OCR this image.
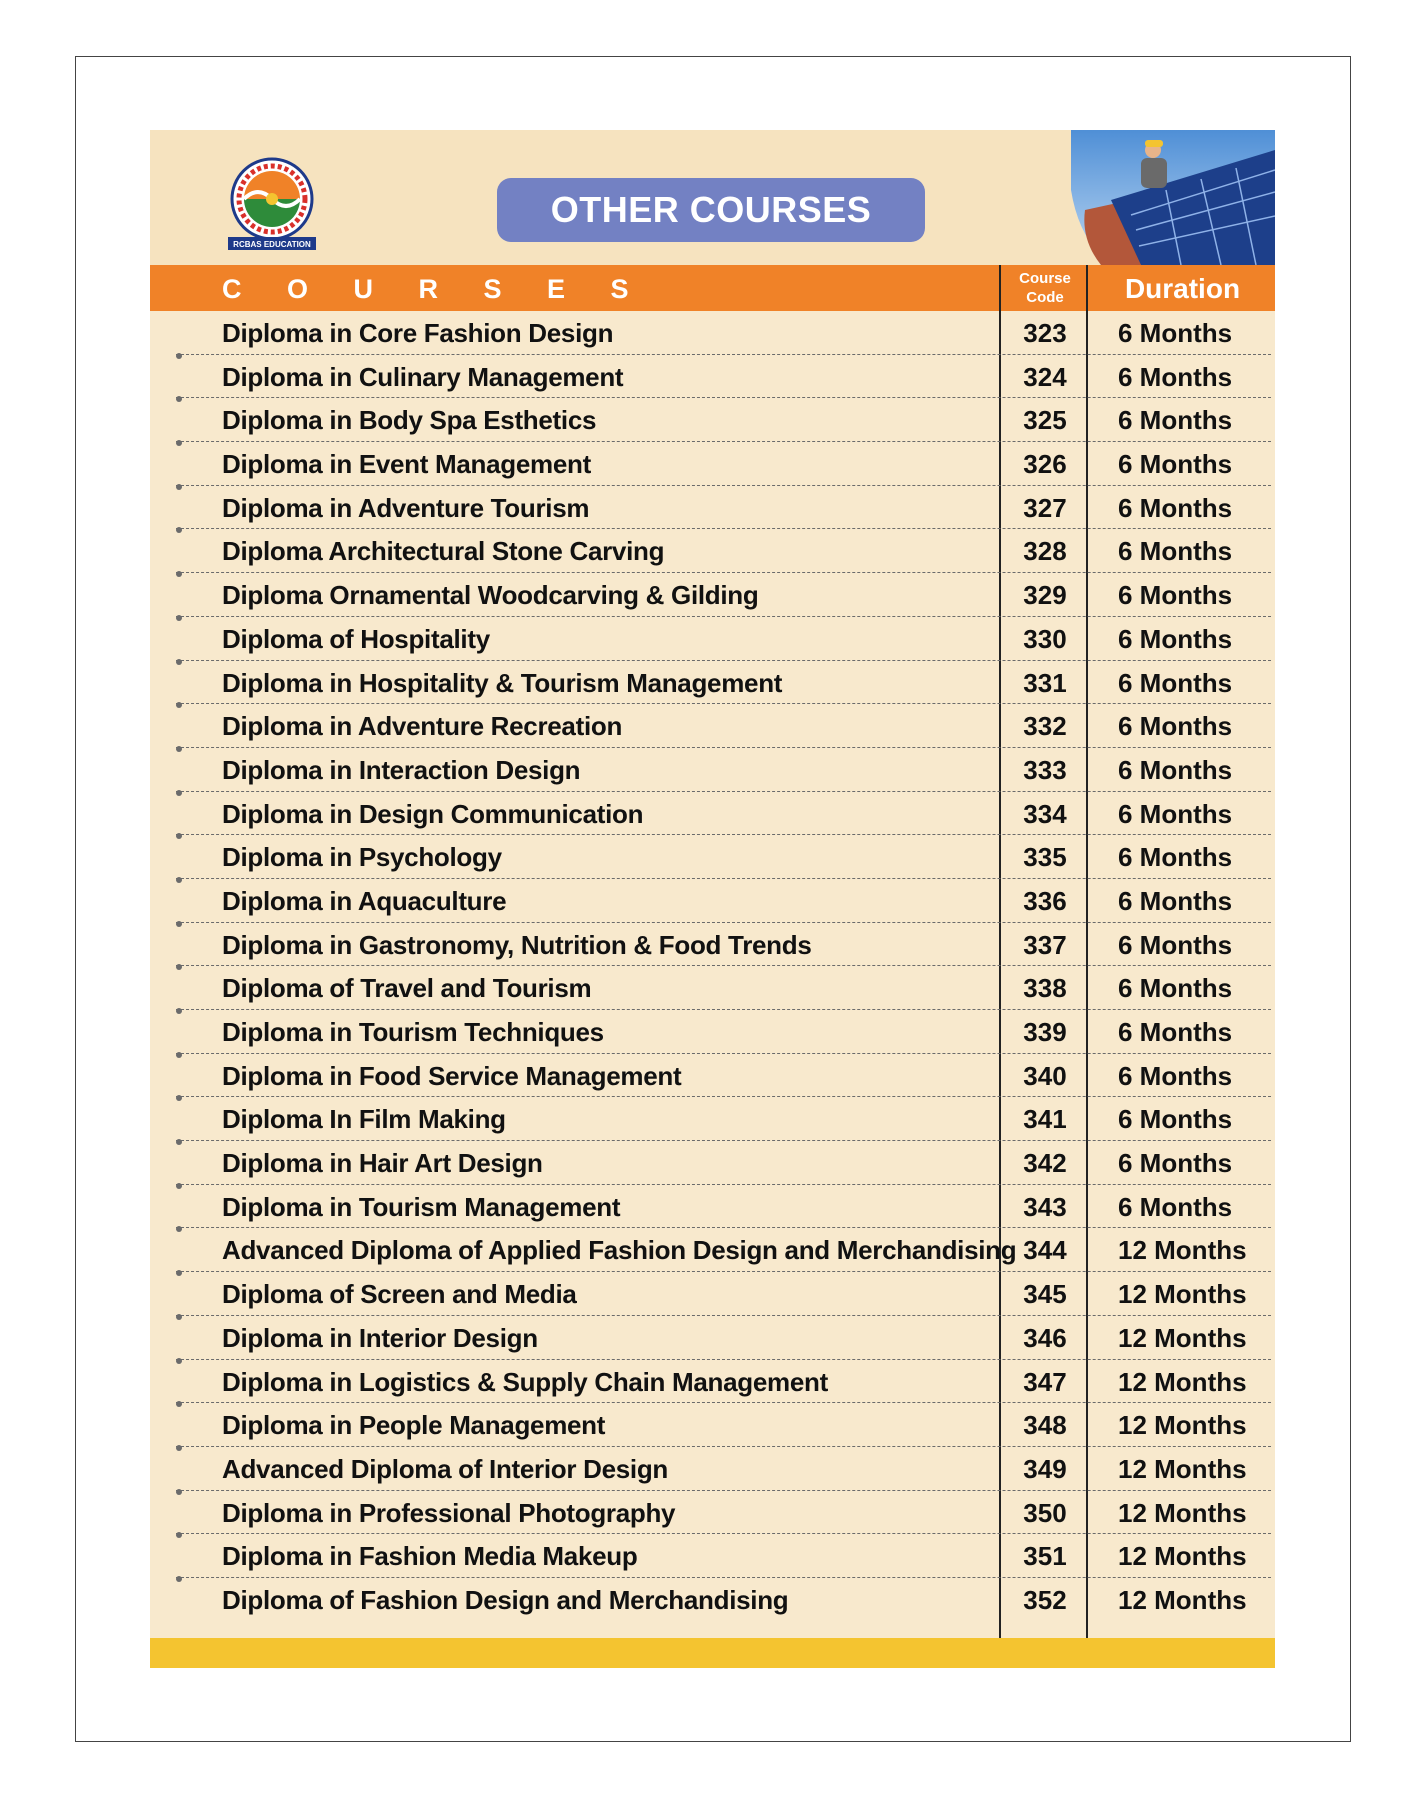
RCBAS EDUCATION
OTHER COURSES
C O U R S E S	Course
Code	Duration
Diploma in Core Fashion Design	323	6 Months
Diploma in Culinary Management	324	6 Months
Diploma in Body Spa Esthetics	325	6 Months
Diploma in Event Management	326	6 Months
Diploma in Adventure Tourism	327	6 Months
Diploma Architectural Stone Carving	328	6 Months
Diploma Ornamental Woodcarving & Gilding	329	6 Months
Diploma of Hospitality	330	6 Months
Diploma in Hospitality & Tourism Management	331	6 Months
Diploma in Adventure Recreation	332	6 Months
Diploma in Interaction Design	333	6 Months
Diploma in Design Communication	334	6 Months
Diploma in Psychology	335	6 Months
Diploma in Aquaculture	336	6 Months
Diploma in Gastronomy, Nutrition & Food Trends	337	6 Months
Diploma of Travel and Tourism	338	6 Months
Diploma in Tourism Techniques	339	6 Months
Diploma in Food Service Management	340	6 Months
Diploma In Film Making	341	6 Months
Diploma in Hair Art Design	342	6 Months
Diploma in Tourism Management	343	6 Months
Advanced Diploma of Applied Fashion Design and Merchandising 344	12 Months
Diploma of Screen and Media	345	12 Months
Diploma in Interior Design	346	12 Months
Diploma in Logistics & Supply Chain Management	347	12 Months
Diploma in People Management	348	12 Months
Advanced Diploma of Interior Design	349	12 Months
Diploma in Professional Photography	350	12 Months
Diploma in Fashion Media Makeup	351	12 Months
Diploma of Fashion Design and Merchandising	352	12 Months
